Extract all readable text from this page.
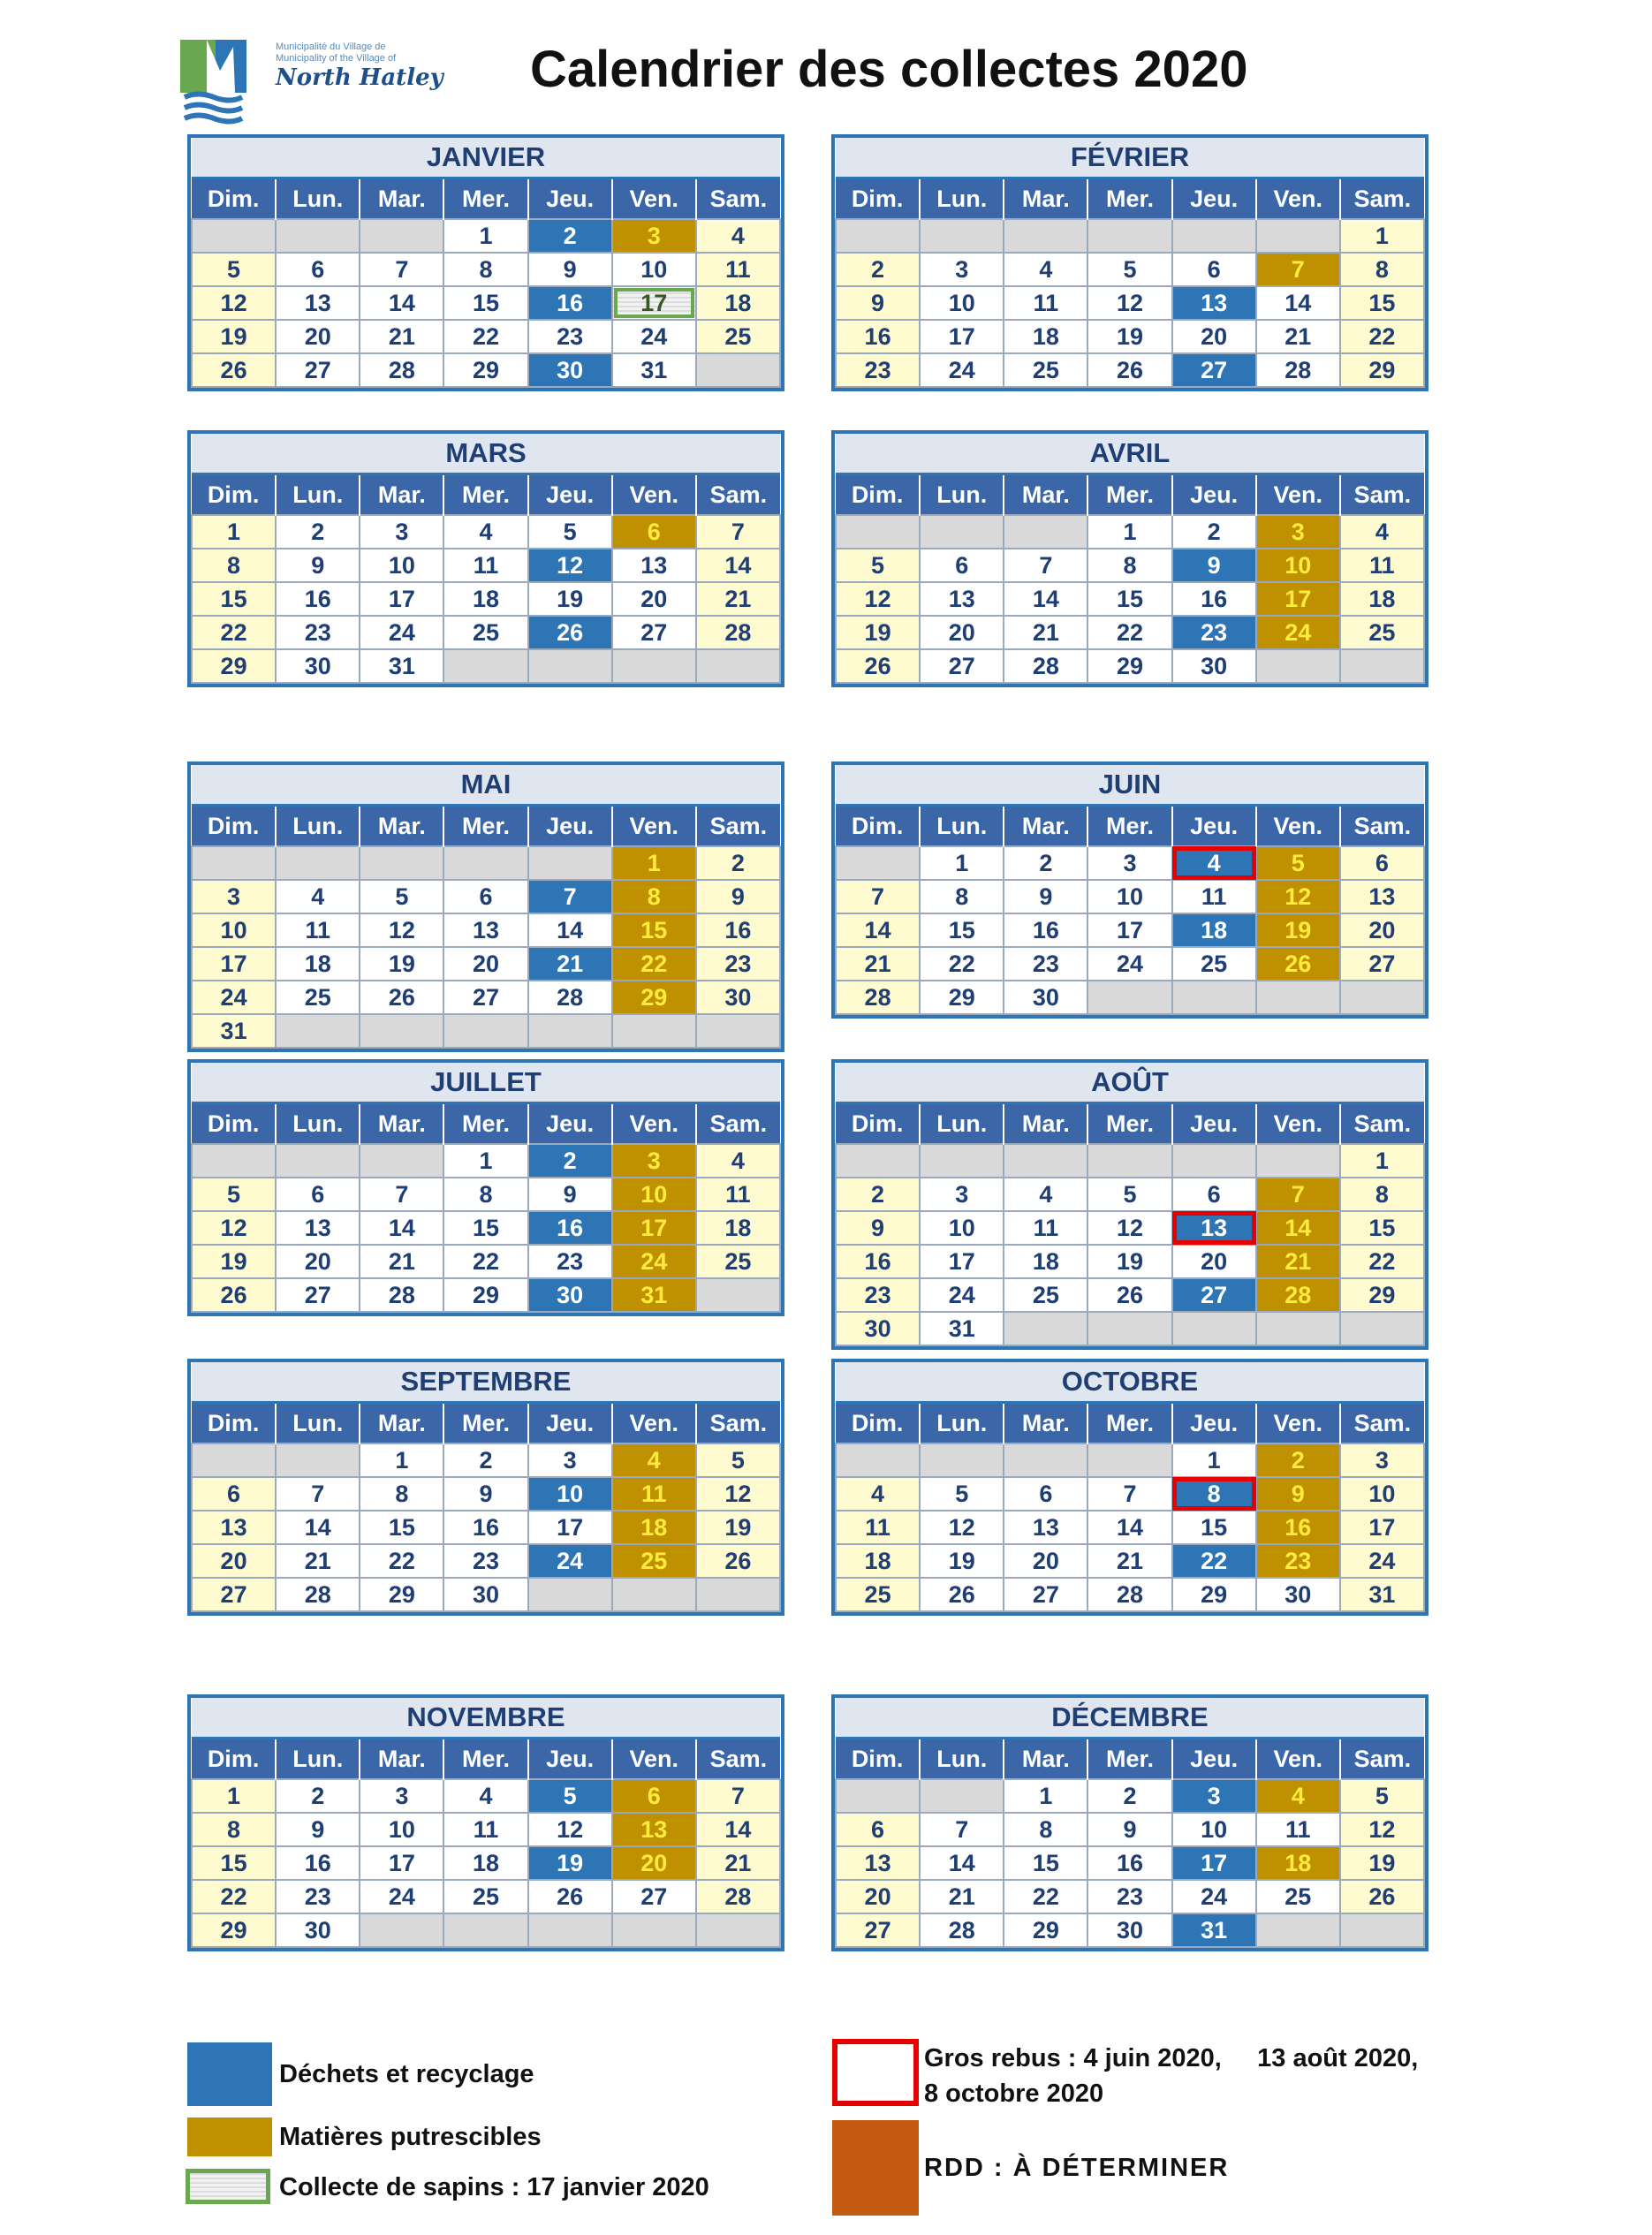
Municipalité du Village de
Municipality of the Village of
North Hatley Calendrier des collectes 2020
JANVIER						
Dim.	Lun.	Mar.	Mer.	Jeu.	Ven.	Sam.
			1	2	3	4
5	6	7	8	9	10	11
12	13	14	15	16	17	18
19	20	21	22	23	24	25
26	27	28	29	30	31	
FÉVRIER						
Dim.	Lun.	Mar.	Mer.	Jeu.	Ven.	Sam.
						1
2	3	4	5	6	7	8
9	10	11	12	13	14	15
16	17	18	19	20	21	22
23	24	25	26	27	28	29
MARS						
Dim.	Lun.	Mar.	Mer.	Jeu.	Ven.	Sam.
1	2	3	4	5	6	7
8	9	10	11	12	13	14
15	16	17	18	19	20	21
22	23	24	25	26	27	28
29	30	31				
AVRIL						
Dim.	Lun.	Mar.	Mer.	Jeu.	Ven.	Sam.
			1	2	3	4
5	6	7	8	9	10	11
12	13	14	15	16	17	18
19	20	21	22	23	24	25
26	27	28	29	30		
MAI						
Dim.	Lun.	Mar.	Mer.	Jeu.	Ven.	Sam.
					1	2
3	4	5	6	7	8	9
10	11	12	13	14	15	16
17	18	19	20	21	22	23
24	25	26	27	28	29	30
31						
JUIN						
Dim.	Lun.	Mar.	Mer.	Jeu.	Ven.	Sam.
	1	2	3	4	5	6
7	8	9	10	11	12	13
14	15	16	17	18	19	20
21	22	23	24	25	26	27
28	29	30				
JUILLET						
Dim.	Lun.	Mar.	Mer.	Jeu.	Ven.	Sam.
			1	2	3	4
5	6	7	8	9	10	11
12	13	14	15	16	17	18
19	20	21	22	23	24	25
26	27	28	29	30	31	
AOÛT						
Dim.	Lun.	Mar.	Mer.	Jeu.	Ven.	Sam.
						1
2	3	4	5	6	7	8
9	10	11	12	13	14	15
16	17	18	19	20	21	22
23	24	25	26	27	28	29
30	31					
SEPTEMBRE						
Dim.	Lun.	Mar.	Mer.	Jeu.	Ven.	Sam.
		1	2	3	4	5
6	7	8	9	10	11	12
13	14	15	16	17	18	19
20	21	22	23	24	25	26
27	28	29	30			
OCTOBRE						
Dim.	Lun.	Mar.	Mer.	Jeu.	Ven.	Sam.
				1	2	3
4	5	6	7	8	9	10
11	12	13	14	15	16	17
18	19	20	21	22	23	24
25	26	27	28	29	30	31
NOVEMBRE						
Dim.	Lun.	Mar.	Mer.	Jeu.	Ven.	Sam.
1	2	3	4	5	6	7
8	9	10	11	12	13	14
15	16	17	18	19	20	21
22	23	24	25	26	27	28
29	30					
DÉCEMBRE						
Dim.	Lun.	Mar.	Mer.	Jeu.	Ven.	Sam.
		1	2	3	4	5
6	7	8	9	10	11	12
13	14	15	16	17	18	19
20	21	22	23	24	25	26
27	28	29	30	31		
Déchets et recyclage
Matières putrescibles
Collecte de sapins : 17 janvier 2020
Gros rebus : 4 juin 2020,     13 août 2020,
8 octobre 2020
RDD : À DÉTERMINER
